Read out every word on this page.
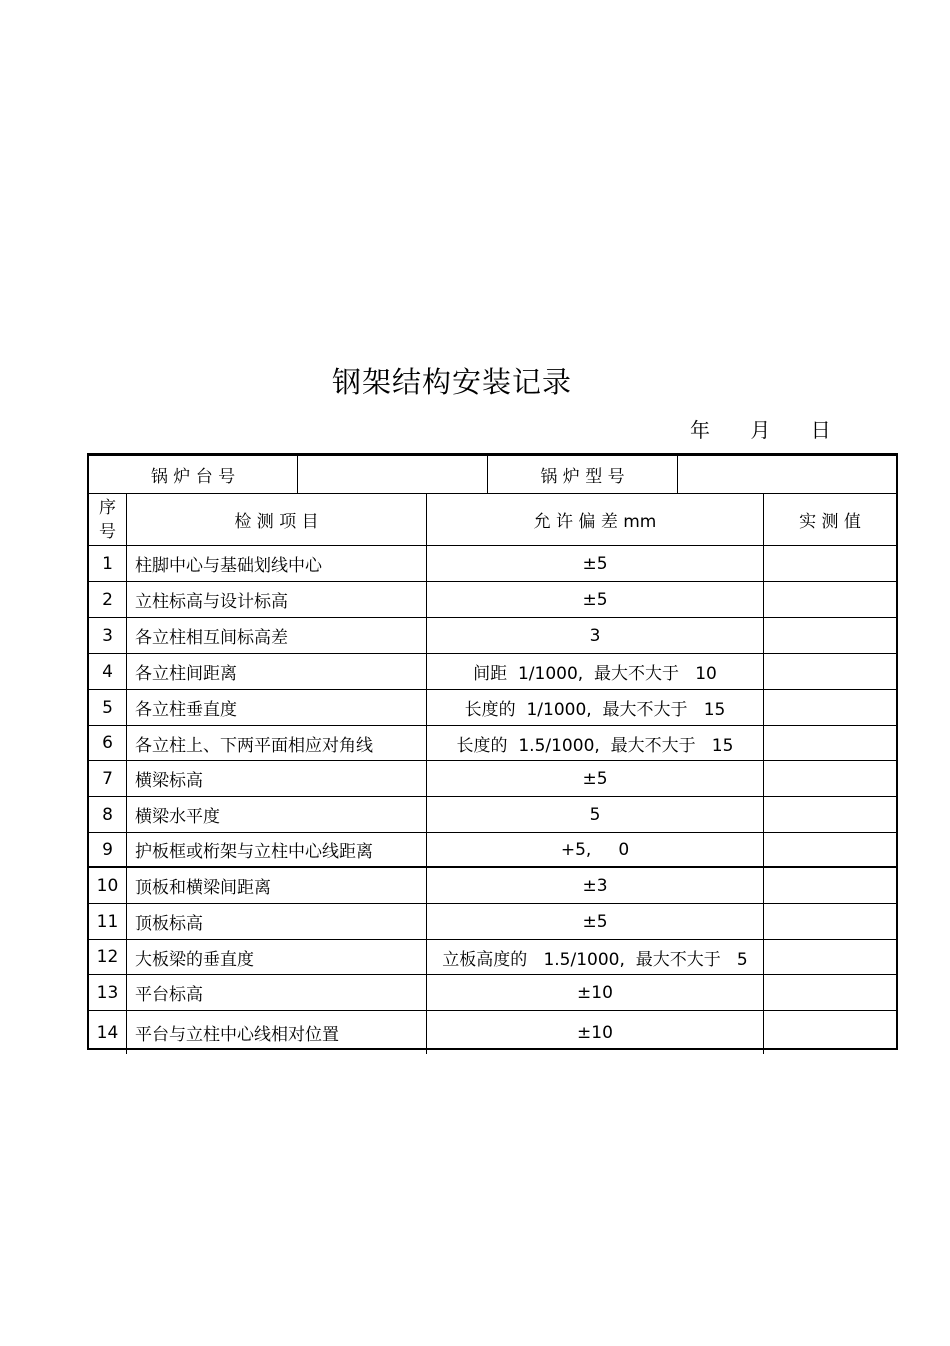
钢架结构安装记录
年 月 日
锅 炉 台 号	锅 炉 型 号
序
号	检 测 项 目	允 许 偏 差 mm	实 测 值
1 柱脚中心与基础划线中心	±5
2 立柱标高与设计标高	±5
3 各立柱相互间标高差	3
4 各立柱间距离	间距  1/1000,  最大不大于   10
5 各立柱垂直度	长度的  1/1000,  最大不大于   15
6 各立柱上、下两平面相应对角线	长度的  1.5/1000,  最大不大于   15
7 横梁标高	±5
8 横梁水平度	5
9 护板框或桁架与立柱中心线距离	+5,     0
10 顶板和横梁间距离	±3
11 顶板标高	±5
12 大板梁的垂直度	立板高度的   1.5/1000,  最大不大于   5
13 平台标高	±10
14 平台与立柱中心线相对位置	±10
